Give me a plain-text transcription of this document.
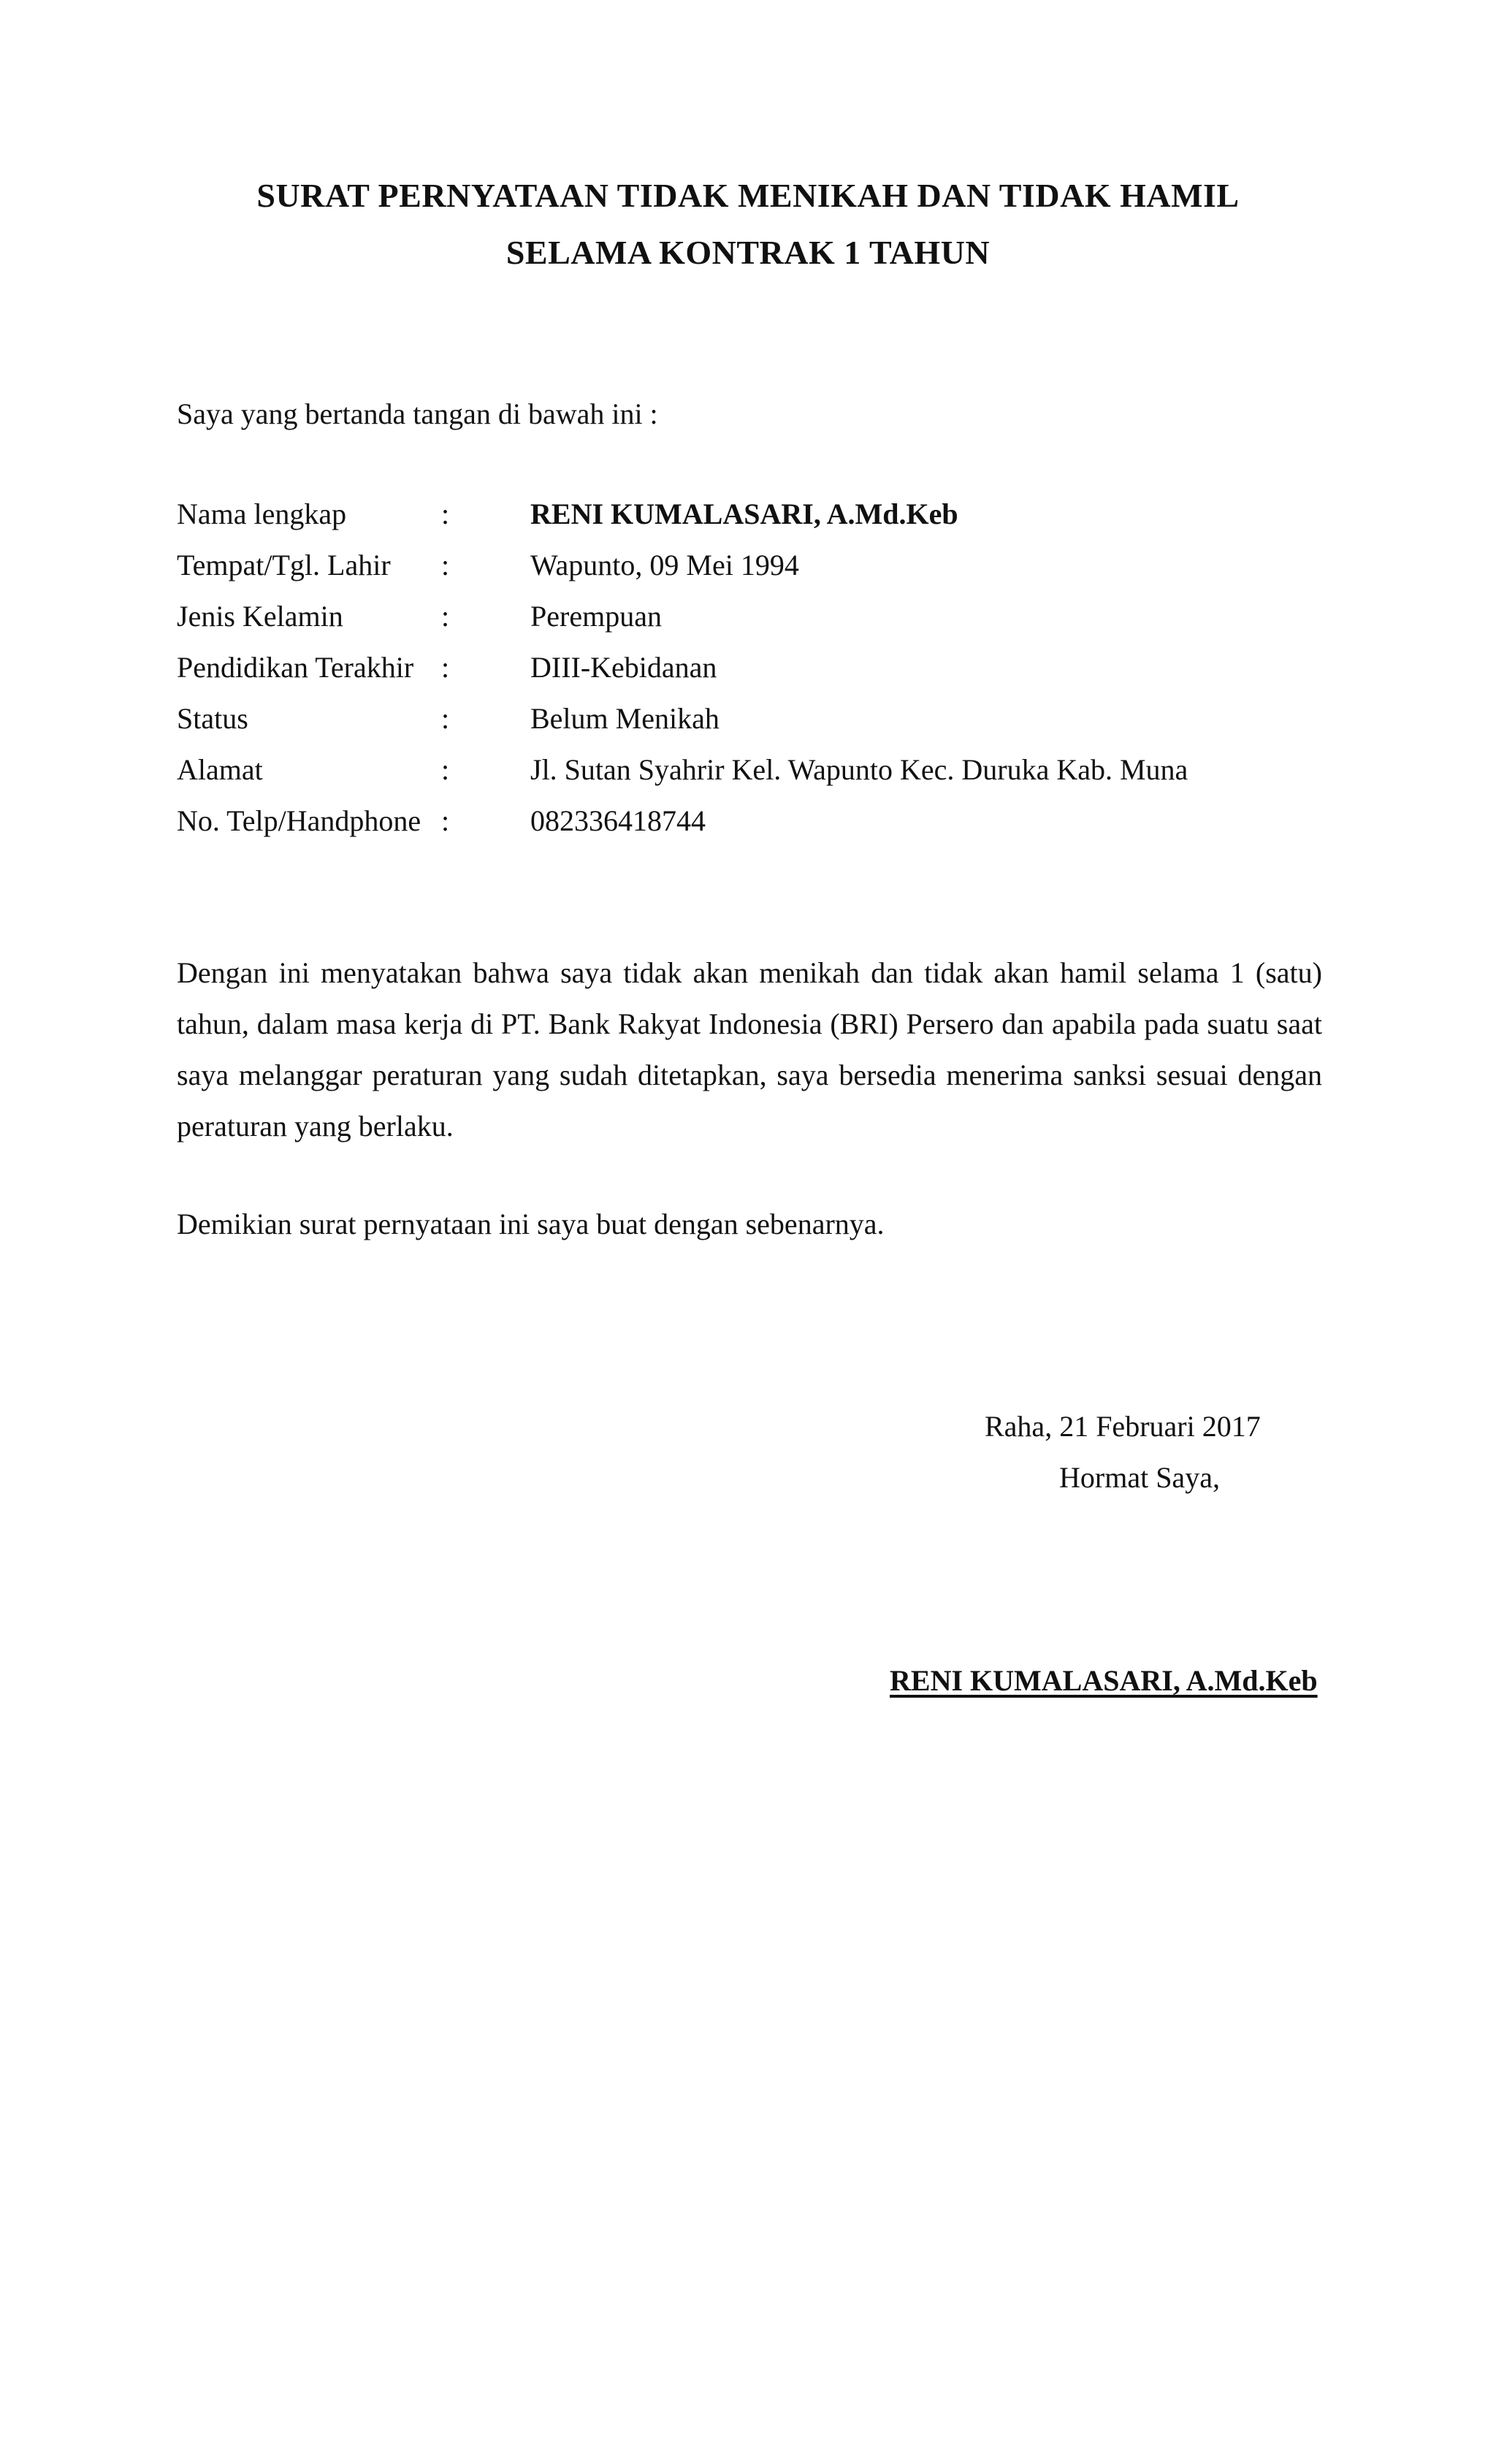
SURAT PERNYATAAN TIDAK MENIKAH DAN TIDAK HAMIL
SELAMA KONTRAK 1 TAHUN

Saya yang bertanda tangan di bawah ini :

Nama lengkap	:	RENI KUMALASARI, A.Md.Keb
Tempat/Tgl. Lahir :	Wapunto, 09 Mei 1994
Jenis Kelamin	:	Perempuan
Pendidikan Terakhir :	DIII-Kebidanan
Status	:	Belum Menikah
Alamat	:	Jl. Sutan Syahrir Kel. Wapunto Kec. Duruka Kab. Muna
No. Telp/Handphone :	082336418744

Dengan ini menyatakan bahwa saya tidak akan menikah dan tidak akan hamil selama 1 (satu) tahun, dalam masa kerja di PT. Bank Rakyat Indonesia (BRI) Persero dan apabila pada suatu saat saya melanggar peraturan yang sudah ditetapkan, saya bersedia menerima sanksi sesuai dengan peraturan yang berlaku.

Demikian surat pernyataan ini saya buat dengan sebenarnya.

Raha, 21 Februari 2017

Hormat Saya,

RENI KUMALASARI, A.Md.Keb
